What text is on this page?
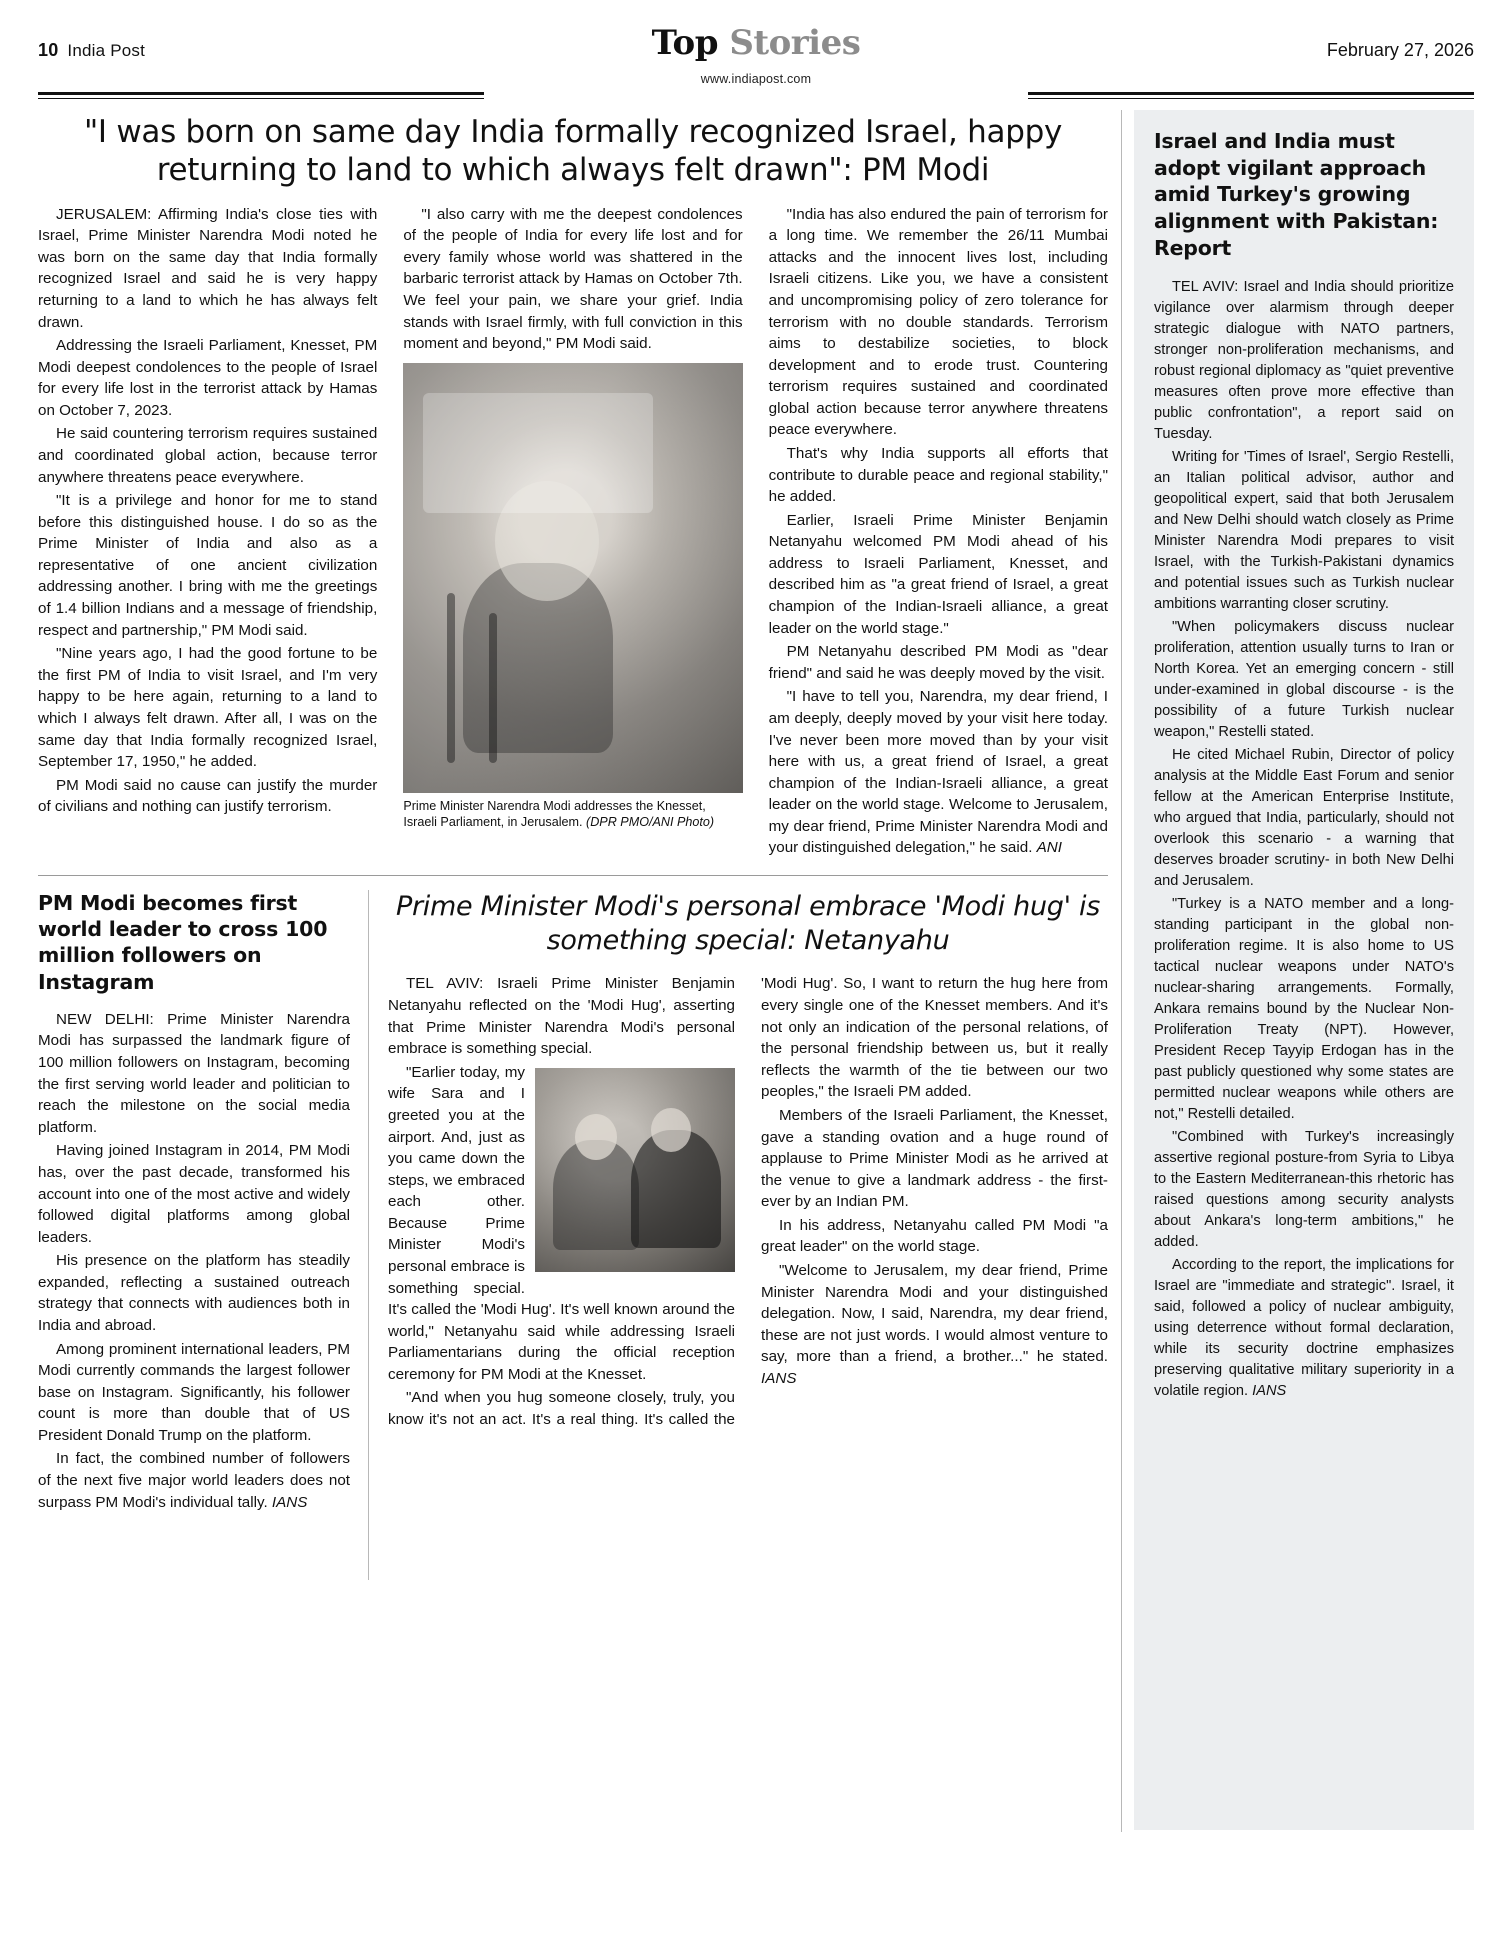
10 India Post	Top Stories
www.indiapost.com
February 27, 2026
"I was born on same day India formally recognized Israel, happy returning to land to which always felt drawn": PM Modi

JERUSALEM: Affirming India's close ties with Israel, Prime Minister Narendra Modi noted he was born on the same day that India formally recognized Israel and said he is very happy returning to a land to which he has always felt drawn.

Addressing the Israeli Parliament, Knesset, PM Modi deepest condolences to the people of Israel for every life lost in the terrorist attack by Hamas on October 7, 2023.

He said countering terrorism requires sustained and coordinated global action, because terror anywhere threatens peace everywhere.

"It is a privilege and honor for me to stand before this distinguished house. I do so as the Prime Minister of India and also as a representative of one ancient civilization addressing another. I bring with me the greetings of 1.4 billion Indians and a message of friendship, respect and partnership," PM Modi said.

"Nine years ago, I had the good fortune to be the first PM of India to visit Israel, and I'm very happy to be here again, returning to a land to which I always felt drawn. After all, I was on the same day that India formally recognized Israel, September 17, 1950," he added.

PM Modi said no cause can justify the murder of civilians and nothing can justify terrorism.

"I also carry with me the deepest condolences of the people of India for every life lost and for every family whose world was shattered in the barbaric terrorist attack by Hamas on October 7th. We feel your pain, we share your grief. India stands with Israel firmly, with full conviction in this moment and beyond," PM Modi said.

Prime Minister Narendra Modi addresses the Knesset, Israeli Parliament, in Jerusalem. (DPR PMO/ANI Photo)

"India has also endured the pain of terrorism for a long time. We remember the 26/11 Mumbai attacks and the innocent lives lost, including Israeli citizens. Like you, we have a consistent and uncompromising policy of zero tolerance for terrorism with no double standards. Terrorism aims to destabilize societies, to block development and to erode trust. Countering terrorism requires sustained and coordinated global action because terror anywhere threatens peace everywhere.

That's why India supports all efforts that contribute to durable peace and regional stability," he added.

Earlier, Israeli Prime Minister Benjamin Netanyahu welcomed PM Modi ahead of his address to Israeli Parliament, Knesset, and described him as "a great friend of Israel, a great champion of the Indian-Israeli alliance, a great leader on the world stage."

PM Netanyahu described PM Modi as "dear friend" and said he was deeply moved by the visit.

"I have to tell you, Narendra, my dear friend, I am deeply, deeply moved by your visit here today. I've never been more moved than by your visit here with us, a great friend of Israel, a great champion of the Indian-Israeli alliance, a great leader on the world stage. Welcome to Jerusalem, my dear friend, Prime Minister Narendra Modi and your distinguished delegation," he said. ANI

PM Modi becomes first world leader to cross 100 million followers on Instagram

NEW DELHI: Prime Minister Narendra Modi has surpassed the landmark figure of 100 million followers on Instagram, becoming the first serving world leader and politician to reach the milestone on the social media platform.

Having joined Instagram in 2014, PM Modi has, over the past decade, transformed his account into one of the most active and widely followed digital platforms among global leaders.

His presence on the platform has steadily expanded, reflecting a sustained outreach strategy that connects with audiences both in India and abroad.

Among prominent international leaders, PM Modi currently commands the largest follower base on Instagram. Significantly, his follower count is more than double that of US President Donald Trump on the platform.

In fact, the combined number of followers of the next five major world leaders does not surpass PM Modi's individual tally. IANS

Prime Minister Modi's personal embrace 'Modi hug' is something special: Netanyahu

TEL AVIV: Israeli Prime Minister Benjamin Netanyahu reflected on the 'Modi Hug', asserting that Prime Minister Narendra Modi's personal embrace is something special.

"Earlier today, my wife Sara and I greeted you at the airport. And, just as you came down the steps, we embraced each other. Because Prime Minister Modi's personal embrace is something special. It's called the 'Modi Hug'. It's well known around the world," Netanyahu said while addressing Israeli Parliamentarians during the official reception ceremony for PM Modi at the Knesset.

"And when you hug someone closely, truly, you know it's not an act. It's a real thing. It's called the 'Modi Hug'. So, I want to return the hug here from every single one of the Knesset members. And it's not only an indication of the personal relations, of the personal friendship between us, but it really reflects the warmth of the tie between our two peoples," the Israeli PM added.

Members of the Israeli Parliament, the Knesset, gave a standing ovation and a huge round of applause to Prime Minister Modi as he arrived at the venue to give a landmark address - the first-ever by an Indian PM.

In his address, Netanyahu called PM Modi "a great leader" on the world stage.

"Welcome to Jerusalem, my dear friend, Prime Minister Narendra Modi and your distinguished delegation. Now, I said, Narendra, my dear friend, these are not just words. I would almost venture to say, more than a friend, a brother..." he stated. IANS

Israel and India must adopt vigilant approach amid Turkey's growing alignment with Pakistan: Report

TEL AVIV: Israel and India should prioritize vigilance over alarmism through deeper strategic dialogue with NATO partners, stronger non-proliferation mechanisms, and robust regional diplomacy as "quiet preventive measures often prove more effective than public confrontation", a report said on Tuesday.

Writing for 'Times of Israel', Sergio Restelli, an Italian political advisor, author and geopolitical expert, said that both Jerusalem and New Delhi should watch closely as Prime Minister Narendra Modi prepares to visit Israel, with the Turkish-Pakistani dynamics and potential issues such as Turkish nuclear ambitions warranting closer scrutiny.

"When policymakers discuss nuclear proliferation, attention usually turns to Iran or North Korea. Yet an emerging concern - still under-examined in global discourse - is the possibility of a future Turkish nuclear weapon," Restelli stated.

He cited Michael Rubin, Director of policy analysis at the Middle East Forum and senior fellow at the American Enterprise Institute, who argued that India, particularly, should not overlook this scenario - a warning that deserves broader scrutiny- in both New Delhi and Jerusalem.

"Turkey is a NATO member and a long-standing participant in the global non-proliferation regime. It is also home to US tactical nuclear weapons under NATO's nuclear-sharing arrangements. Formally, Ankara remains bound by the Nuclear Non-Proliferation Treaty (NPT). However, President Recep Tayyip Erdogan has in the past publicly questioned why some states are permitted nuclear weapons while others are not," Restelli detailed.

"Combined with Turkey's increasingly assertive regional posture-from Syria to Libya to the Eastern Mediterranean-this rhetoric has raised questions among security analysts about Ankara's long-term ambitions," he added.

According to the report, the implications for Israel are "immediate and strategic". Israel, it said, followed a policy of nuclear ambiguity, using deterrence without formal declaration, while its security doctrine emphasizes preserving qualitative military superiority in a volatile region. IANS
